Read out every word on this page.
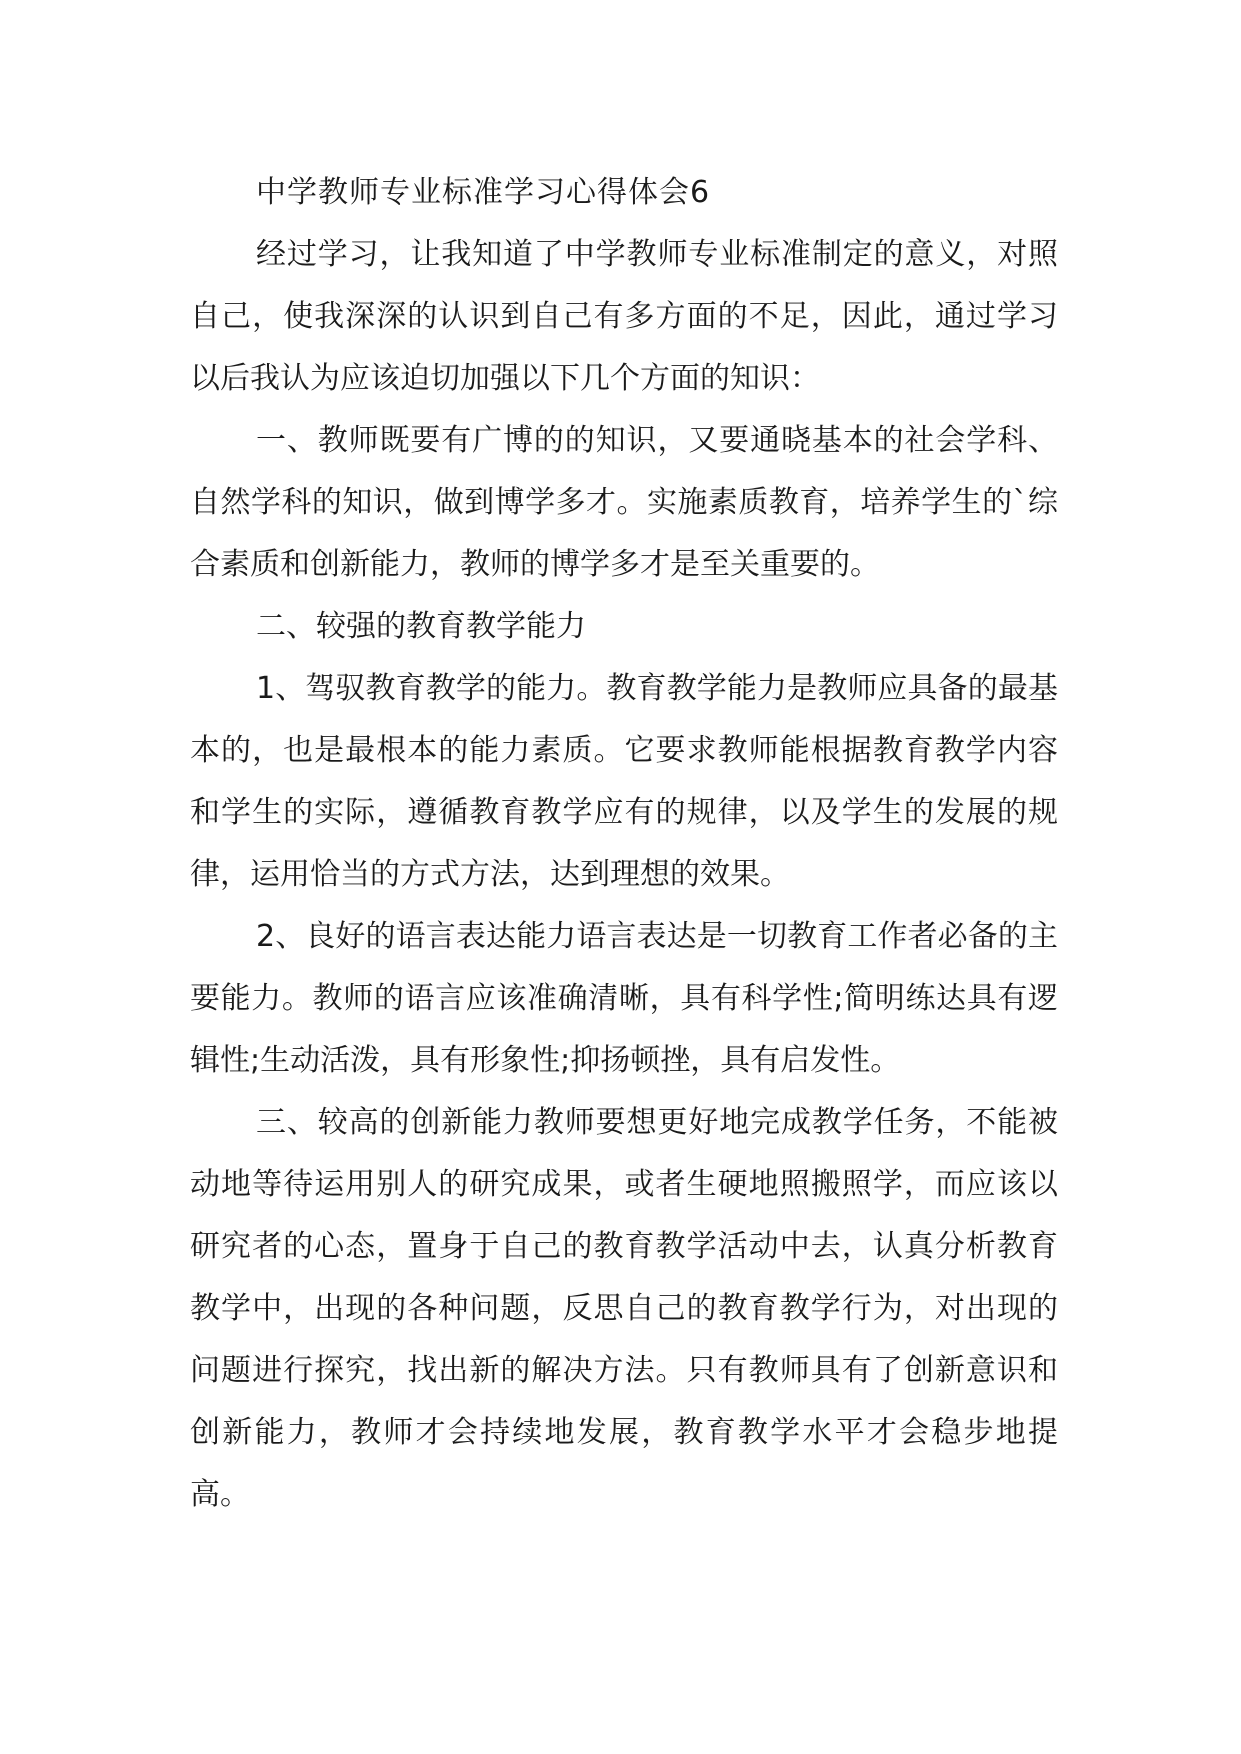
中学教师专业标准学习心得体会6

经过学习，让我知道了中学教师专业标准制定的意义，对照自己，使我深深的认识到自己有多方面的不足，因此，通过学习以后我认为应该迫切加强以下几个方面的知识：

一、教师既要有广博的的知识，又要通晓基本的社会学科、自然学科的知识，做到博学多才。实施素质教育，培养学生的`综合素质和创新能力，教师的博学多才是至关重要的。

二、较强的教育教学能力

1、驾驭教育教学的能力。教育教学能力是教师应具备的最基本的，也是最根本的能力素质。它要求教师能根据教育教学内容和学生的实际，遵循教育教学应有的规律，以及学生的发展的规律，运用恰当的方式方法，达到理想的效果。

2、良好的语言表达能力语言表达是一切教育工作者必备的主要能力。教师的语言应该准确清晰，具有科学性;简明练达具有逻辑性;生动活泼，具有形象性;抑扬顿挫，具有启发性。

三、较高的创新能力教师要想更好地完成教学任务，不能被动地等待运用别人的研究成果，或者生硬地照搬照学，而应该以研究者的心态，置身于自己的教育教学活动中去，认真分析教育教学中，出现的各种问题，反思自己的教育教学行为，对出现的问题进行探究，找出新的解决方法。只有教师具有了创新意识和创新能力，教师才会持续地发展，教育教学水平才会稳步地提高。
